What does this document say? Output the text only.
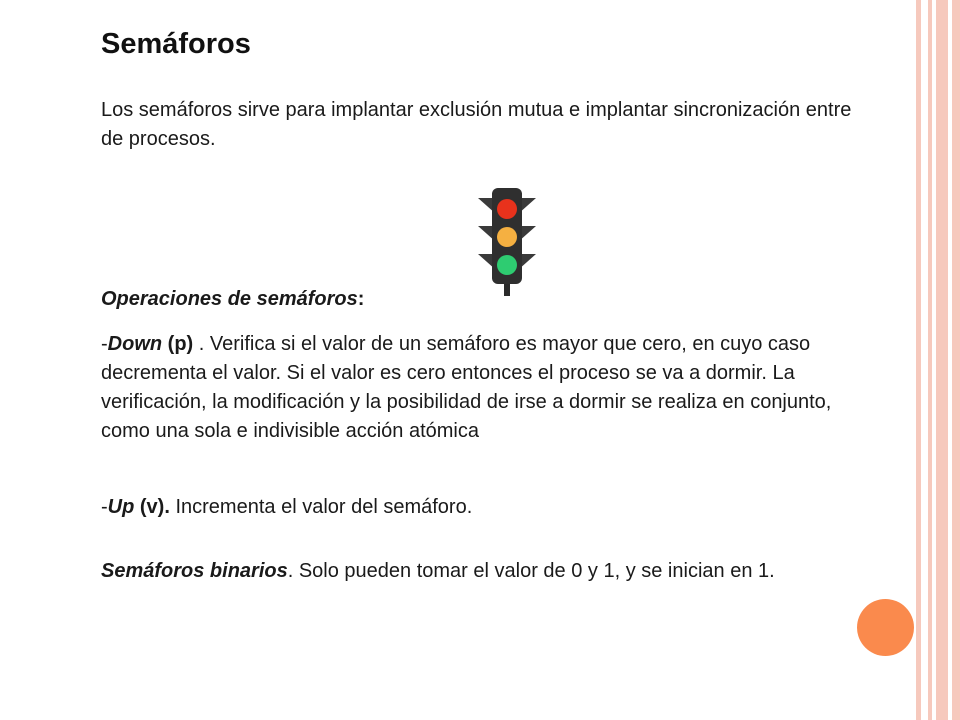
Semáforos

Los semáforos sirve para implantar exclusión mutua e implantar sincronización entre de procesos.

Operaciones de semáforos:

-Down (p) . Verifica si el valor de un semáforo es mayor que cero, en cuyo caso decrementa el valor. Si el valor es cero entonces el proceso se va a dormir. La verificación, la modificación y la posibilidad de irse a dormir se realiza en conjunto, como una sola e indivisible acción atómica

-Up (v). Incrementa el valor del semáforo.

Semáforos binarios. Solo pueden tomar el valor de 0 y 1, y se inician en 1.
